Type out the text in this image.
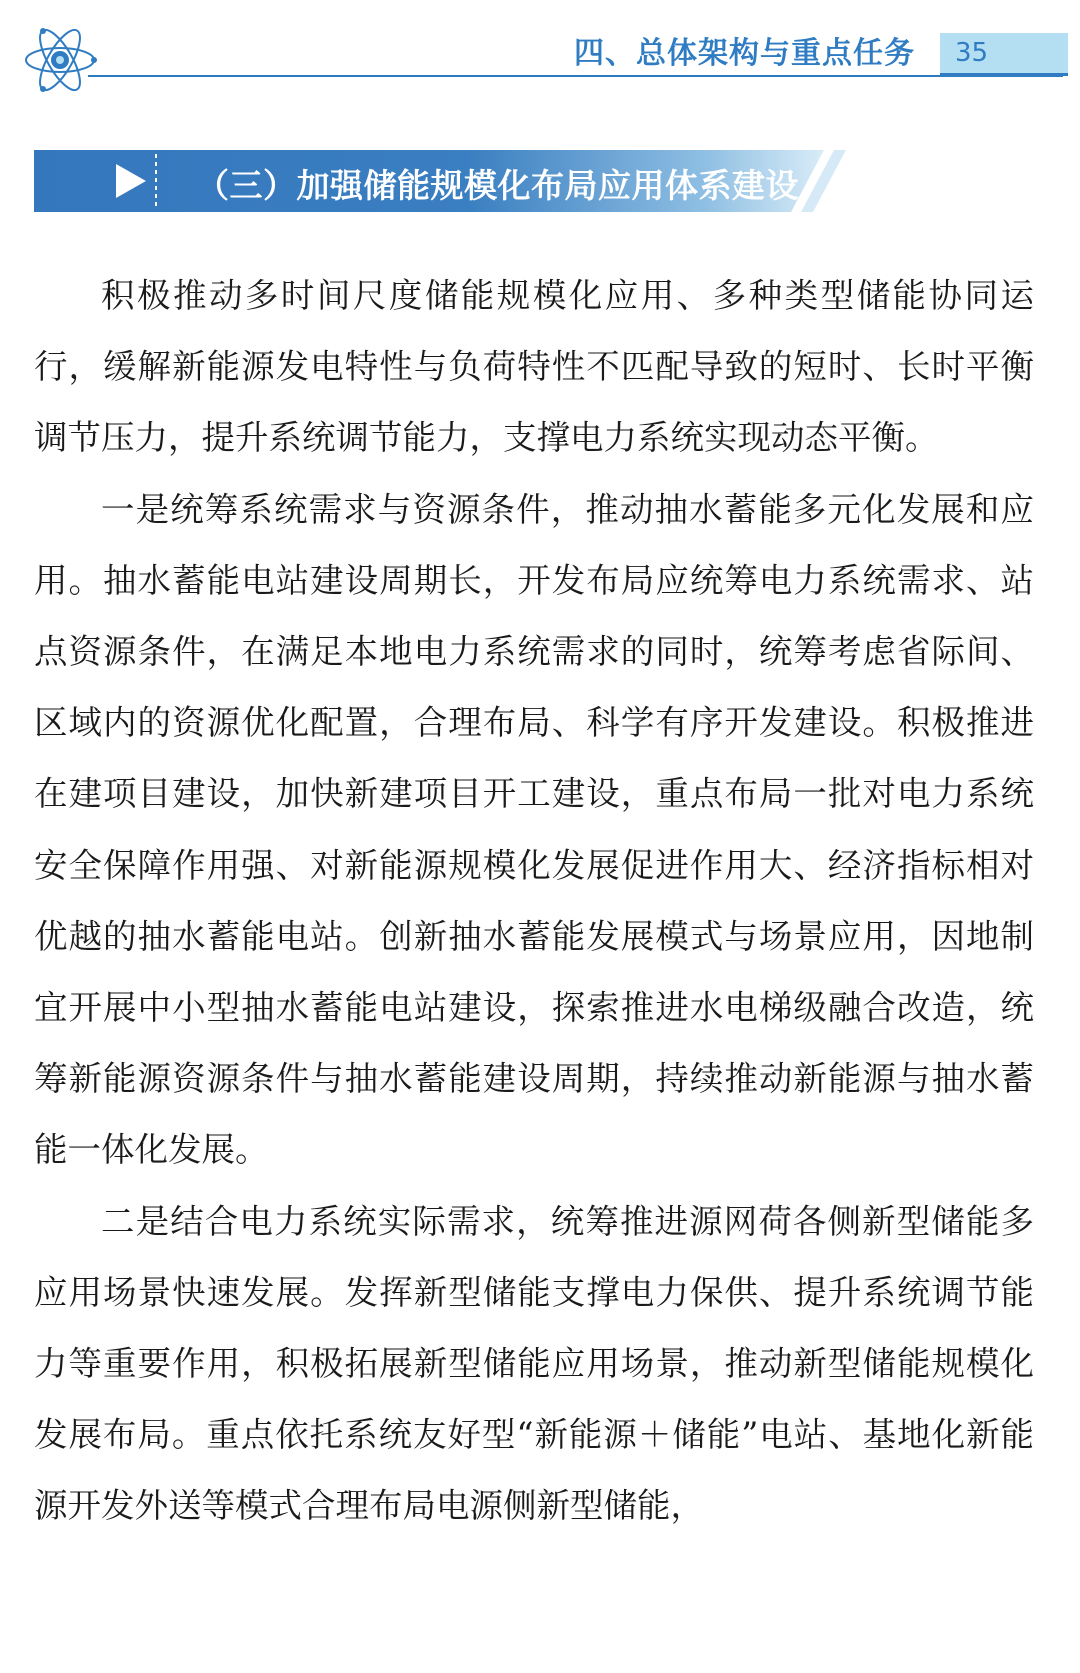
四、总体架构与重点任务 35
（三）加强储能规模化布局应用体系建设

积极推动多时间尺度储能规模化应用、多种类型储能协同运行，缓解新能源发电特性与负荷特性不匹配导致的短时、长时平衡调节压力，提升系统调节能力，支撑电力系统实现动态平衡。

一是统筹系统需求与资源条件，推动抽水蓄能多元化发展和应用。抽水蓄能电站建设周期长，开发布局应统筹电力系统需求、站点资源条件，在满足本地电力系统需求的同时，统筹考虑省际间、区域内的资源优化配置，合理布局、科学有序开发建设。积极推进在建项目建设，加快新建项目开工建设，重点布局一批对电力系统安全保障作用强、对新能源规模化发展促进作用大、经济指标相对优越的抽水蓄能电站。创新抽水蓄能发展模式与场景应用，因地制宜开展中小型抽水蓄能电站建设，探索推进水电梯级融合改造，统筹新能源资源条件与抽水蓄能建设周期，持续推动新能源与抽水蓄能一体化发展。

二是结合电力系统实际需求，统筹推进源网荷各侧新型储能多应用场景快速发展。发挥新型储能支撑电力保供、提升系统调节能力等重要作用，积极拓展新型储能应用场景，推动新型储能规模化发展布局。重点依托系统友好型“新能源＋储能”电站、基地化新能源开发外送等模式合理布局电源侧新型储能，
